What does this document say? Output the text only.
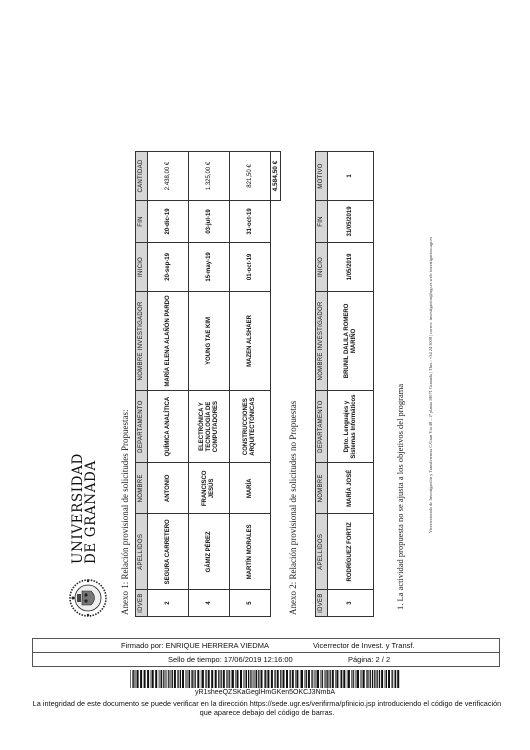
UNIVERSIDAD
DE GRANADA Anexo 1: Relación provisional de solicitudes Propuestas: IDVEB	APELLIDOS	NOMBRE	DEPARTAMENTO	NOMBRE INVESTIGADOR	INICIO	FIN	CANTIDAD
2	SEGURA CARRETERO	ANTONIO	QUÍMICA ANALÍTICA	MARÍA ELENA ALAÑÓN PARDO	20-sep-19	20-dic-19	2.438,00 €
4	GÁMIZ PÉREZ	FRANCISCO JESÚS	ELECTRÓNICA Y TECNOLOGÍA DE COMPUTADORES	YOUNG TAE KIM	15-may-19	03-jul-19	1.325,00 €
5	MARTÍN MORALES	MARÍA	CONSTRUCCIONES ARQUITECTÓNICAS	MAZEN ALSHAER	01-oct-19	31-oct-19	821,50 €
							4.584,50 €
Anexo 2: Relación provisional de solicitudes no Propuestas	IDVEB	APELLIDOS	NOMBRE	DEPARTAMENTO	NOMBRE INVESTIGADOR	INICIO	FIN	MOTIVO
3	RODRÍGUEZ FORTIZ	MARÍA JOSÉ	Dpto. Lenguajes y Sistemas Informáticos	BRUNIL DALILA ROMERO MARIÑO	1/05/2019	31/05/2019	1
1. La actividad propuesta no se ajusta a los objetivos del programa	Vicerrectorado de Investigación y Transferencia C/Gran Vía 48 – 2ª planta 18071 Granada | Tfno.: +34 24 3008 | correo: investigacion@ugr.es web: investigacion.ugr.es
Firmado por: ENRIQUE HERRERA VIEDMA	Vicerrector de Invest. y Transf.
Sello de tiempo: 17/06/2019 12:16:00	Página: 2 / 2
yR1sheeQZSKaGeglHmGKen5OKCJ3NmbA
La integridad de este documento se puede verificar en la dirección https://sede.ugr.es/verifirma/pfinicio.jsp introduciendo el código de verificación que aparece debajo del código de barras.
